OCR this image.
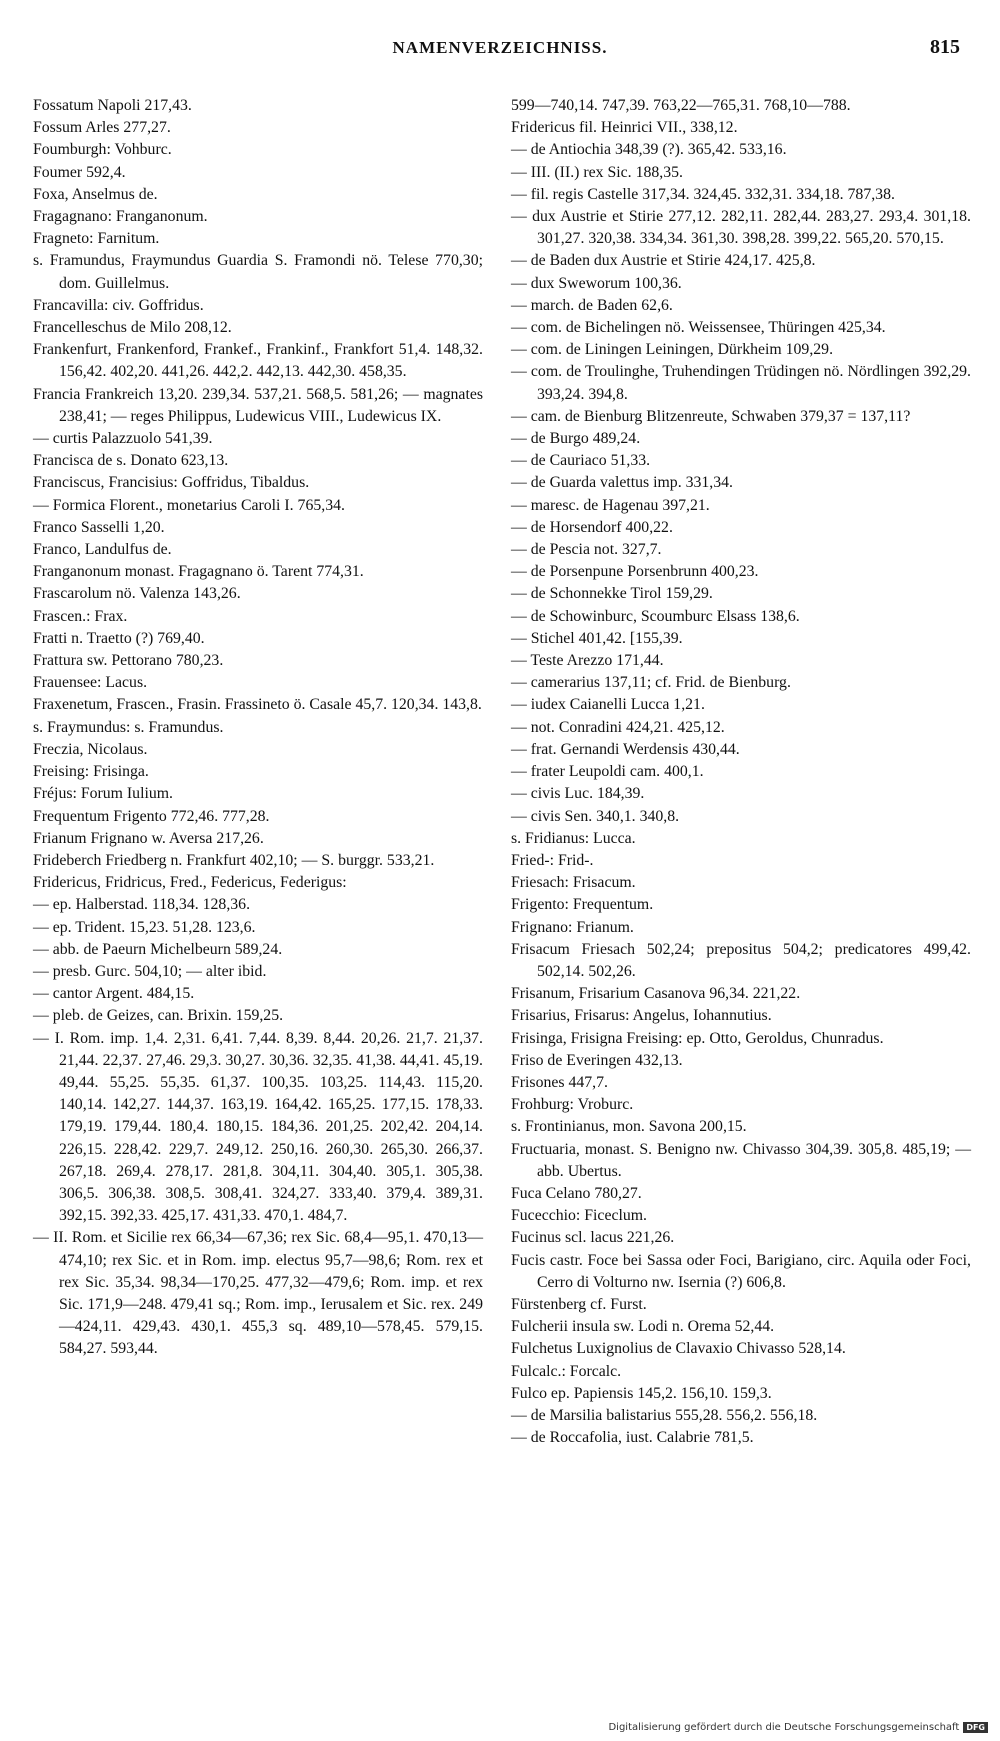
NAMENVERZEICHNISS.	815
Fossatum Napoli 217,43.
Fossum Arles 277,27.
Foumburgh: Vohburc.
Foumer 592,4.
Foxa, Anselmus de.
Fragagnano: Franganonum.
Fragneto: Farnitum.
s. Framundus, Fraymundus Guardia S. Framondi nö. Telese 770,30; dom. Guillelmus.
Francavilla: civ. Goffridus.
Francelleschus de Milo 208,12.
Frankenfurt, Frankenford, Frankef., Frankinf., Frankfort 51,4. 148,32. 156,42. 402,20. 441,26. 442,2. 442,13. 442,30. 458,35.
Francia Frankreich 13,20. 239,34. 537,21. 568,5. 581,26; — magnates 238,41; — reges Philippus, Ludewicus VIII., Ludewicus IX.
— curtis Palazzuolo 541,39.
Francisca de s. Donato 623,13.
Franciscus, Francisius: Goffridus, Tibaldus.
— Formica Florent., monetarius Caroli I. 765,34.
Franco Sasselli 1,20.
Franco, Landulfus de.
Franganonum monast. Fragagnano ö. Tarent 774,31.
Frascarolum nö. Valenza 143,26.
Frascen.: Frax.
Fratti n. Traetto (?) 769,40.
Frattura sw. Pettorano 780,23.
Frauensee: Lacus.
Fraxenetum, Frascen., Frasin. Frassineto ö. Casale 45,7. 120,34. 143,8.
s. Fraymundus: s. Framundus.
Freczia, Nicolaus.
Freising: Frisinga.
Fréjus: Forum Iulium.
Frequentum Frigento 772,46. 777,28.
Frianum Frignano w. Aversa 217,26.
Frideberch Friedberg n. Frankfurt 402,10; — S. burggr. 533,21.
Fridericus, Fridricus, Fred., Federicus, Federigus:
— ep. Halberstad. 118,34. 128,36.
— ep. Trident. 15,23. 51,28. 123,6.
— abb. de Paeurn Michelbeurn 589,24.
— presb. Gurc. 504,10; — alter ibid.
— cantor Argent. 484,15.
— pleb. de Geizes, can. Brixin. 159,25.
— I. Rom. imp. 1,4. 2,31. 6,41. 7,44. 8,39. 8,44. 20,26. 21,7. 21,37. 21,44. 22,37. 27,46. 29,3. 30,27. 30,36. 32,35. 41,38. 44,41. 45,19. 49,44. 55,25. 55,35. 61,37. 100,35. 103,25. 114,43. 115,20. 140,14. 142,27. 144,37. 163,19. 164,42. 165,25. 177,15. 178,33. 179,19. 179,44. 180,4. 180,15. 184,36. 201,25. 202,42. 204,14. 226,15. 228,42. 229,7. 249,12. 250,16. 260,30. 265,30. 266,37. 267,18. 269,4. 278,17. 281,8. 304,11. 304,40. 305,1. 305,38. 306,5. 306,38. 308,5. 308,41. 324,27. 333,40. 379,4. 389,31. 392,15. 392,33. 425,17. 431,33. 470,1. 484,7.
— II. Rom. et Sicilie rex 66,34—67,36; rex Sic. 68,4—95,1. 470,13—474,10; rex Sic. et in Rom. imp. electus 95,7—98,6; Rom. rex et rex Sic. 35,34. 98,34—170,25. 477,32—479,6; Rom. imp. et rex Sic. 171,9—248. 479,41 sq.; Rom. imp., Ierusalem et Sic. rex. 249—424,11. 429,43. 430,1. 455,3 sq. 489,10—578,45. 579,15. 584,27. 593,44.
599—740,14. 747,39. 763,22—765,31. 768,10—788.
Fridericus fil. Heinrici VII., 338,12.
— de Antiochia 348,39 (?). 365,42. 533,16.
— III. (II.) rex Sic. 188,35.
— fil. regis Castelle 317,34. 324,45. 332,31. 334,18. 787,38.
— dux Austrie et Stirie 277,12. 282,11. 282,44. 283,27. 293,4. 301,18. 301,27. 320,38. 334,34. 361,30. 398,28. 399,22. 565,20. 570,15.
— de Baden dux Austrie et Stirie 424,17. 425,8.
— dux Sweworum 100,36.
— march. de Baden 62,6.
— com. de Bichelingen nö. Weissensee, Thüringen 425,34.
— com. de Liningen Leiningen, Dürkheim 109,29.
— com. de Troulinghe, Truhendingen Trüdingen nö. Nördlingen 392,29. 393,24. 394,8.
— cam. de Bienburg Blitzenreute, Schwaben 379,37 = 137,11?
— de Burgo 489,24.
— de Cauriaco 51,33.
— de Guarda valettus imp. 331,34.
— maresc. de Hagenau 397,21.
— de Horsendorf 400,22.
— de Pescia not. 327,7.
— de Porsenpune Porsenbrunn 400,23.
— de Schonnekke Tirol 159,29.
— de Schowinburc, Scoumburc Elsass 138,6.
— Stichel 401,42. [155,39.
— Teste Arezzo 171,44.
— camerarius 137,11; cf. Frid. de Bienburg.
— iudex Caianelli Lucca 1,21.
— not. Conradini 424,21. 425,12.
— frat. Gernandi Werdensis 430,44.
— frater Leupoldi cam. 400,1.
— civis Luc. 184,39.
— civis Sen. 340,1. 340,8.
s. Fridianus: Lucca.
Fried-: Frid-.
Friesach: Frisacum.
Frigento: Frequentum.
Frignano: Frianum.
Frisacum Friesach 502,24; prepositus 504,2; predicatores 499,42. 502,14. 502,26.
Frisanum, Frisarium Casanova 96,34. 221,22.
Frisarius, Frisarus: Angelus, Iohannutius.
Frisinga, Frisigna Freising: ep. Otto, Geroldus, Chunradus.
Friso de Everingen 432,13.
Frisones 447,7.
Frohburg: Vroburc.
s. Frontinianus, mon. Savona 200,15.
Fructuaria, monast. S. Benigno nw. Chivasso 304,39. 305,8. 485,19; — abb. Ubertus.
Fuca Celano 780,27.
Fucecchio: Ficeclum.
Fucinus scl. lacus 221,26.
Fucis castr. Foce bei Sassa oder Foci, Barigiano, circ. Aquila oder Foci, Cerro di Volturno nw. Isernia (?) 606,8.
Fürstenberg cf. Furst.
Fulcherii insula sw. Lodi n. Orema 52,44.
Fulchetus Luxignolius de Clavaxio Chivasso 528,14.
Fulcalc.: Forcalc.
Fulco ep. Papiensis 145,2. 156,10. 159,3.
— de Marsilia balistarius 555,28. 556,2. 556,18.
— de Roccafolia, iust. Calabrie 781,5.
Digitalisierung gefördert durch die Deutsche Forschungsgemeinschaft DFG
